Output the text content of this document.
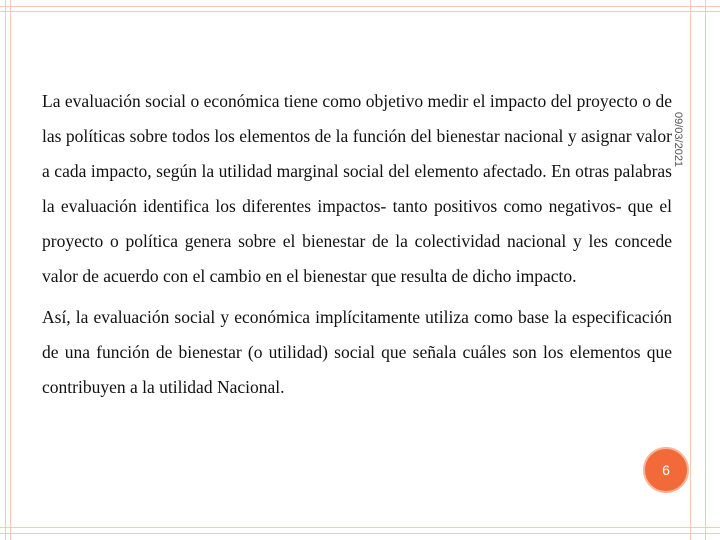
La evaluación social o económica tiene como objetivo medir el impacto del proyecto o de las políticas sobre todos los elementos de la función del bienestar nacional y asignar valor a cada impacto, según la utilidad marginal social del elemento afectado. En otras palabras la evaluación identifica los diferentes impactos- tanto positivos como negativos- que el proyecto o política genera sobre el bienestar de la colectividad nacional y les concede valor de acuerdo con el cambio en el bienestar que resulta de dicho impacto.

Así, la evaluación social y económica implícitamente utiliza como base la especificación de una función de bienestar (o utilidad) social que señala cuáles son los elementos que contribuyen a la utilidad Nacional.

09/03/2021
6
